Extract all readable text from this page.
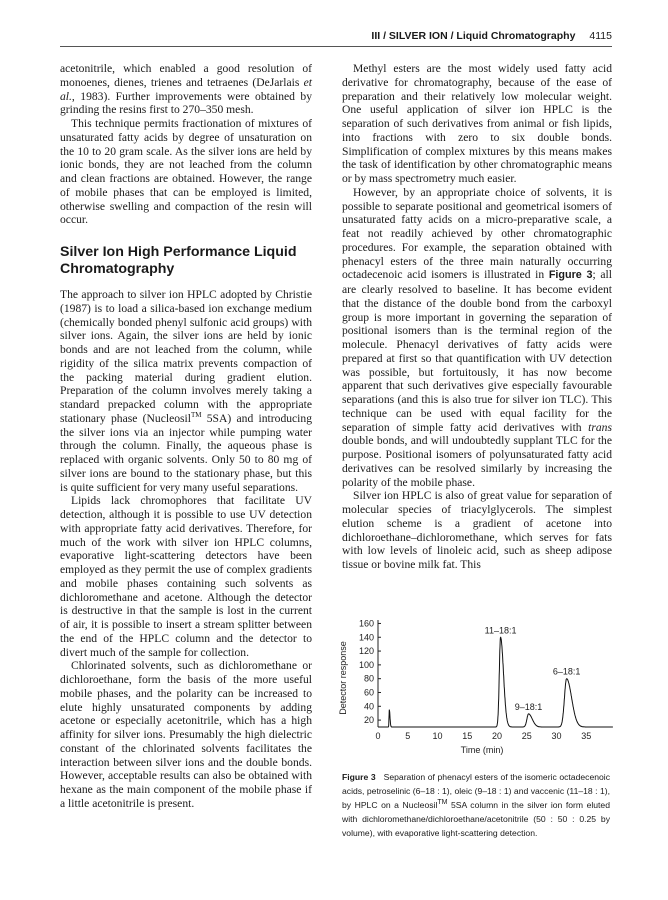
III / SILVER ION / Liquid Chromatography 4115

acetonitrile, which enabled a good resolution of monoenes, dienes, trienes and tetraenes (DeJarlais et al., 1983). Further improvements were obtained by grinding the resins first to 270–350 mesh.

This technique permits fractionation of mixtures of unsaturated fatty acids by degree of unsaturation on the 10 to 20 gram scale. As the silver ions are held by ionic bonds, they are not leached from the column and clean fractions are obtained. However, the range of mobile phases that can be employed is limited, otherwise swelling and compaction of the resin will occur.

Silver Ion High Performance Liquid Chromatography

The approach to silver ion HPLC adopted by Christie (1987) is to load a silica-based ion exchange medium (chemically bonded phenyl sulfonic acid groups) with silver ions. Again, the silver ions are held by ionic bonds and are not leached from the column, while rigidity of the silica matrix prevents compaction of the packing material during gradient elution. Preparation of the column involves merely taking a standard prepacked column with the appropriate stationary phase (Nucleosil™ 5SA) and introducing the silver ions via an injector while pumping water through the column. Finally, the aqueous phase is replaced with organic solvents. Only 50 to 80 mg of silver ions are bound to the stationary phase, but this is quite sufficient for very many useful separations.

Lipids lack chromophores that facilitate UV detection, although it is possible to use UV detection with appropriate fatty acid derivatives. Therefore, for much of the work with silver ion HPLC columns, evaporative light-scattering detectors have been employed as they permit the use of complex gradients and mobile phases containing such solvents as dichloromethane and acetone. Although the detector is destructive in that the sample is lost in the current of air, it is possible to insert a stream splitter between the end of the HPLC column and the detector to divert much of the sample for collection.

Chlorinated solvents, such as dichloromethane or dichloroethane, form the basis of the more useful mobile phases, and the polarity can be increased to elute highly unsaturated components by adding acetone or especially acetonitrile, which has a high affinity for silver ions. Presumably the high dielectric constant of the chlorinated solvents facilitates the interaction between silver ions and the double bonds. However, acceptable results can also be obtained with hexane as the main component of the mobile phase if a little acetonitrile is present.

Methyl esters are the most widely used fatty acid derivative for chromatography, because of the ease of preparation and their relatively low molecular weight. One useful application of silver ion HPLC is the separation of such derivatives from animal or fish lipids, into fractions with zero to six double bonds. Simplification of complex mixtures by this means makes the task of identification by other chromatographic means or by mass spectrometry much easier.

However, by an appropriate choice of solvents, it is possible to separate positional and geometrical isomers of unsaturated fatty acids on a micro-preparative scale, a feat not readily achieved by other chromatographic procedures. For example, the separation obtained with phenacyl esters of the three main naturally occurring octadecenoic acid isomers is illustrated in Figure 3; all are clearly resolved to baseline. It has become evident that the distance of the double bond from the carboxyl group is more important in governing the separation of positional isomers than is the terminal region of the molecule. Phenacyl derivatives of fatty acids were prepared at first so that quantification with UV detection was possible, but fortuitously, it has now become apparent that such derivatives give especially favourable separations (and this is also true for silver ion TLC). This technique can be used with equal facility for the separation of simple fatty acid derivatives with trans double bonds, and will undoubtedly supplant TLC for the purpose. Positional isomers of polyunsaturated fatty acid derivatives can be resolved similarly by increasing the polarity of the mobile phase.

Silver ion HPLC is also of great value for separation of molecular species of triacylglycerols. The simplest elution scheme is a gradient of acetone into dichloroethane–dichloromethane, which serves for fats with low levels of linoleic acid, such as sheep adipose tissue or bovine milk fat. This

Detector response
Time (min)
20
40
60
80
100
120
140
160
0	5 10 15 20 25 30 35
11–18:1
9–18:1
6–18:1
Figure 3 Separation of phenacyl esters of the isomeric octadecenoic acids, petroselinic (6–18 : 1), oleic (9–18 : 1) and vaccenic (11–18 : 1), by HPLC on a Nucleosil™ 5SA column in the silver ion form eluted with dichloromethane/dichloroethane/acetonitrile (50 : 50 : 0.25 by volume), with evaporative light-scattering detection.
